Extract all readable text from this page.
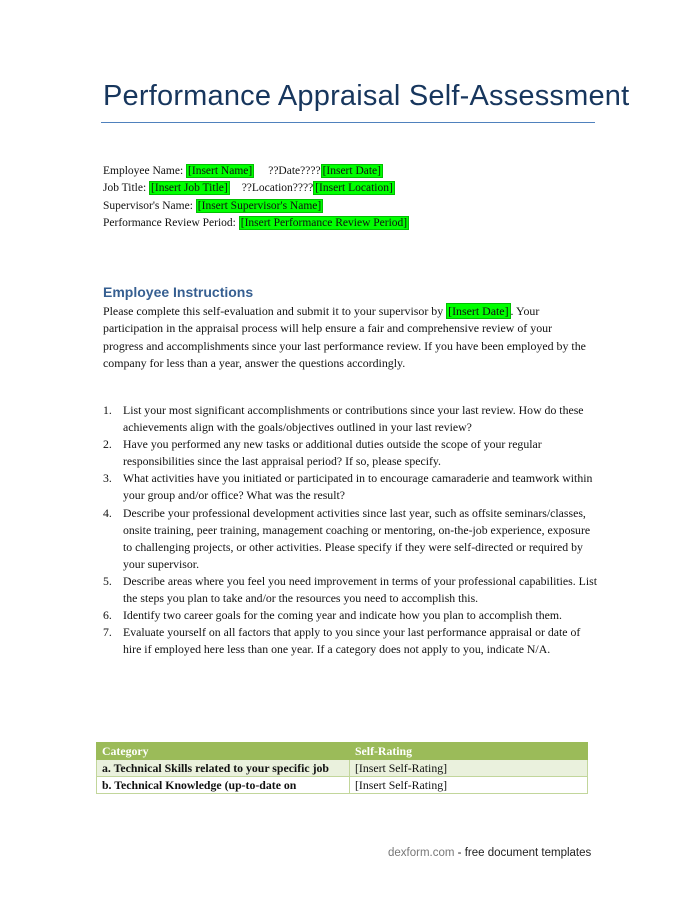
Performance Appraisal Self-Assessment
Employee Name: [Insert Name] ??Date???? [Insert Date]
Job Title: [Insert Job Title] ??Location???? [Insert Location]
Supervisor's Name: [Insert Supervisor's Name]
Performance Review Period: [Insert Performance Review Period]
Employee Instructions
Please complete this self-evaluation and submit it to your supervisor by [Insert Date] . Your participation in the appraisal process will help ensure a fair and comprehensive review of your progress and accomplishments since your last performance review. If you have been employed by the company for less than a year, answer the questions accordingly.
1. List your most significant accomplishments or contributions since your last review. How do these achievements align with the goals/objectives outlined in your last review?
2. Have you performed any new tasks or additional duties outside the scope of your regular responsibilities since the last appraisal period? If so, please specify.
3. What activities have you initiated or participated in to encourage camaraderie and teamwork within your group and/or office? What was the result?
4. Describe your professional development activities since last year, such as offsite seminars/classes, onsite training, peer training, management coaching or mentoring, on-the-job experience, exposure to challenging projects, or other activities. Please specify if they were self-directed or required by your supervisor.
5. Describe areas where you feel you need improvement in terms of your professional capabilities. List the steps you plan to take and/or the resources you need to accomplish this.
6. Identify two career goals for the coming year and indicate how you plan to accomplish them.
7. Evaluate yourself on all factors that apply to you since your last performance appraisal or date of hire if employed here less than one year. If a category does not apply to you, indicate N/A.
Category	Self-Rating
a. Technical Skills related to your specific job	[Insert Self-Rating]
b. Technical Knowledge (up-to-date on	[Insert Self-Rating]
dexform.com - free document templates
